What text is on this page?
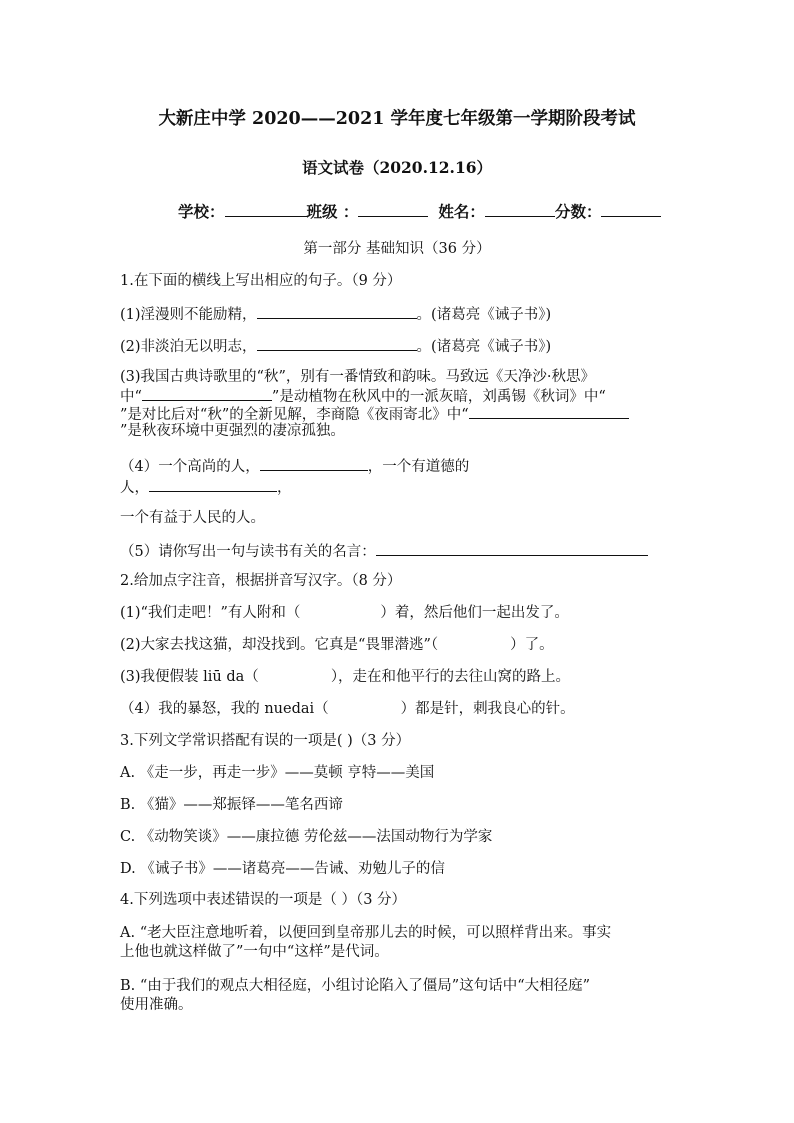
大新庄中学 2020——2021 学年度七年级第一学期阶段考试
语文试卷（2020.12.16）
学校：	班级 ：	姓名：	分数：
第一部分 基础知识（36 分）
1.在下面的横线上写出相应的句子。（9 分）
(1)淫漫则不能励精，	。(诸葛亮《诫子书》)
(2)非淡泊无以明志，	。(诸葛亮《诫子书》)
(3)我国古典诗歌里的“秋”，别有一番情致和韵味。马致远《天净沙·秋思》
中“	”是动植物在秋风中的一派灰暗，刘禹锡《秋词》中“
”是对比后对“秋”的全新见解，李商隐《夜雨寄北》中“
”是秋夜环境中更强烈的凄凉孤独。
（4）一个高尚的人，	，一个有道德的
人，	，
一个有益于人民的人。
（5）请你写出一句与读书有关的名言：
2.给加点字注音，根据拼音写汉字。（8 分）
(1)“我们走吧！”有人附和（	）着，然后他们一起出发了。
(2)大家去找这猫，却没找到。它真是“畏罪潜逃”（	）了。
(3)我便假装 liū da（	），走在和他平行的去往山窝的路上。
（4）我的暴怒，我的 nuedai（	）都是针，刺我良心的针。
3.下列文学常识搭配有误的一项是( )（3 分）
A. 《走一步，再走一步》——莫顿 亨特——美国
B. 《猫》——郑振铎——笔名西谛
C. 《动物笑谈》——康拉德 劳伦兹——法国动物行为学家
D. 《诫子书》——诸葛亮——告诫、劝勉儿子的信
4.下列选项中表述错误的一项是（ ）（3 分）
A. “老大臣注意地听着，以便回到皇帝那儿去的时候，可以照样背出来。事实
上他也就这样做了”一句中“这样”是代词。
B. “由于我们的观点大相径庭，小组讨论陷入了僵局”这句话中“大相径庭”
使用准确。
